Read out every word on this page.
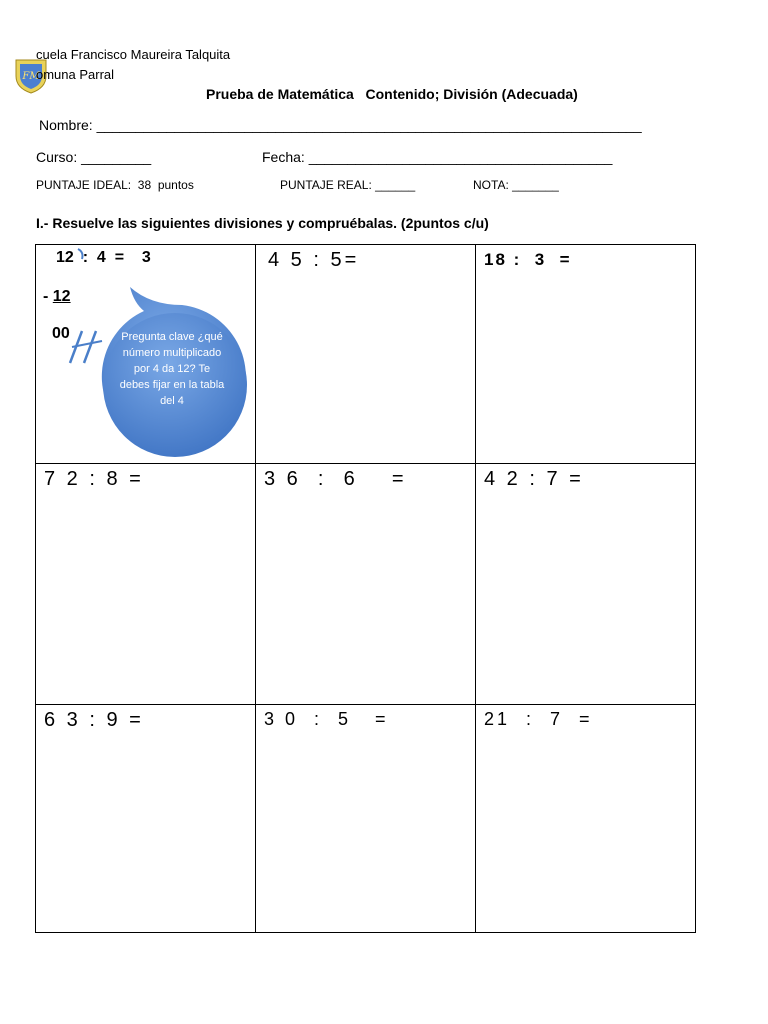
FM
cuela Francisco Maureira Talquita
omuna Parral
Prueba de Matemática   Contenido; División (Adecuada)
Nombre: ______________________________________________________________________
Curso: _________	Fecha: _______________________________________
PUNTAJE IDEAL:  38  puntos	PUNTAJE REAL: ______	NOTA: _______
I.- Resuelve las siguientes divisiones y compruébalas. (2puntos c/u)
12  :  4  =    3
- 12
00 Pregunta clave ¿qué número multiplicado por 4 da 12? Te debes fijar en la tabla del 4	4 5 : 5=	18 :  3  =

7 2 : 8 =	3 6  :  6    =	4 2 : 7 =

6 3 : 9 =	3 0  :  5   =	21  :  7  =
